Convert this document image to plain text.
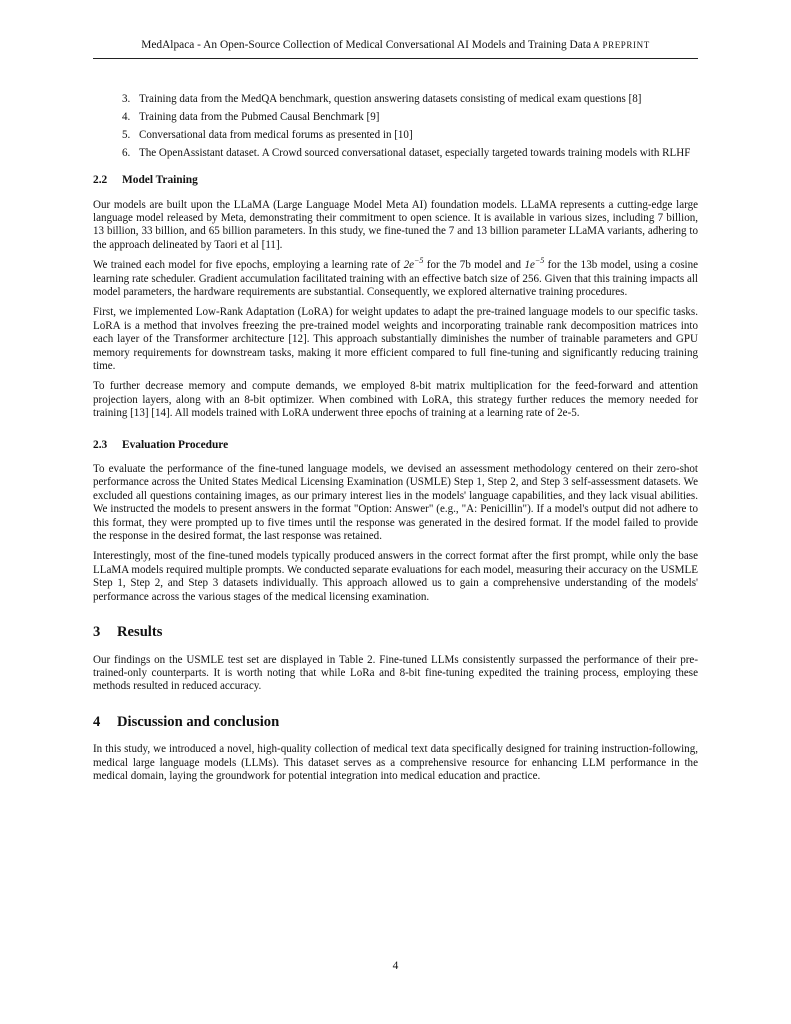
MedAlpaca - An Open-Source Collection of Medical Conversational AI Models and Training Data A PREPRINT
3. Training data from the MedQA benchmark, question answering datasets consisting of medical exam questions [8]
4. Training data from the Pubmed Causal Benchmark [9]
5. Conversational data from medical forums as presented in [10]
6. The OpenAssistant dataset. A Crowd sourced conversational dataset, especially targeted towards training models with RLHF
2.2 Model Training

Our models are built upon the LLaMA (Large Language Model Meta AI) foundation models. LLaMA represents a cutting-edge large language model released by Meta, demonstrating their commitment to open science. It is available in various sizes, including 7 billion, 13 billion, 33 billion, and 65 billion parameters. In this study, we fine-tuned the 7 and 13 billion parameter LLaMA variants, adhering to the approach delineated by Taori et al [11].

We trained each model for five epochs, employing a learning rate of $2e^{-5}$ for the 7b model and $1e^{-5}$ for the 13b model, using a cosine learning rate scheduler. Gradient accumulation facilitated training with an effective batch size of 256. Given that this training impacts all model parameters, the hardware requirements are substantial. Consequently, we explored alternative training procedures.

First, we implemented Low-Rank Adaptation (LoRA) for weight updates to adapt the pre-trained language models to our specific tasks. LoRA is a method that involves freezing the pre-trained model weights and incorporating trainable rank decomposition matrices into each layer of the Transformer architecture [12]. This approach substantially diminishes the number of trainable parameters and GPU memory requirements for downstream tasks, making it more efficient compared to full fine-tuning and significantly reducing training time.

To further decrease memory and compute demands, we employed 8-bit matrix multiplication for the feed-forward and attention projection layers, along with an 8-bit optimizer. When combined with LoRA, this strategy further reduces the memory needed for training [13] [14]. All models trained with LoRA underwent three epochs of training at a learning rate of 2e-5.

2.3 Evaluation Procedure

To evaluate the performance of the fine-tuned language models, we devised an assessment methodology centered on their zero-shot performance across the United States Medical Licensing Examination (USMLE) Step 1, Step 2, and Step 3 self-assessment datasets. We excluded all questions containing images, as our primary interest lies in the models' language capabilities, and they lack visual abilities. We instructed the models to present answers in the format "Option: Answer" (e.g., "A: Penicillin"). If a model's output did not adhere to this format, they were prompted up to five times until the response was generated in the desired format. If the model failed to provide the response in the desired format, the last response was retained.

Interestingly, most of the fine-tuned models typically produced answers in the correct format after the first prompt, while only the base LLaMA models required multiple prompts. We conducted separate evaluations for each model, measuring their accuracy on the USMLE Step 1, Step 2, and Step 3 datasets individually. This approach allowed us to gain a comprehensive understanding of the models' performance across the various stages of the medical licensing examination.

3 Results

Our findings on the USMLE test set are displayed in Table 2. Fine-tuned LLMs consistently surpassed the performance of their pre-trained-only counterparts. It is worth noting that while LoRa and 8-bit fine-tuning expedited the training process, employing these methods resulted in reduced accuracy.

4 Discussion and conclusion

In this study, we introduced a novel, high-quality collection of medical text data specifically designed for training instruction-following, medical large language models (LLMs). This dataset serves as a comprehensive resource for enhancing LLM performance in the medical domain, laying the groundwork for potential integration into medical education and practice.

4
